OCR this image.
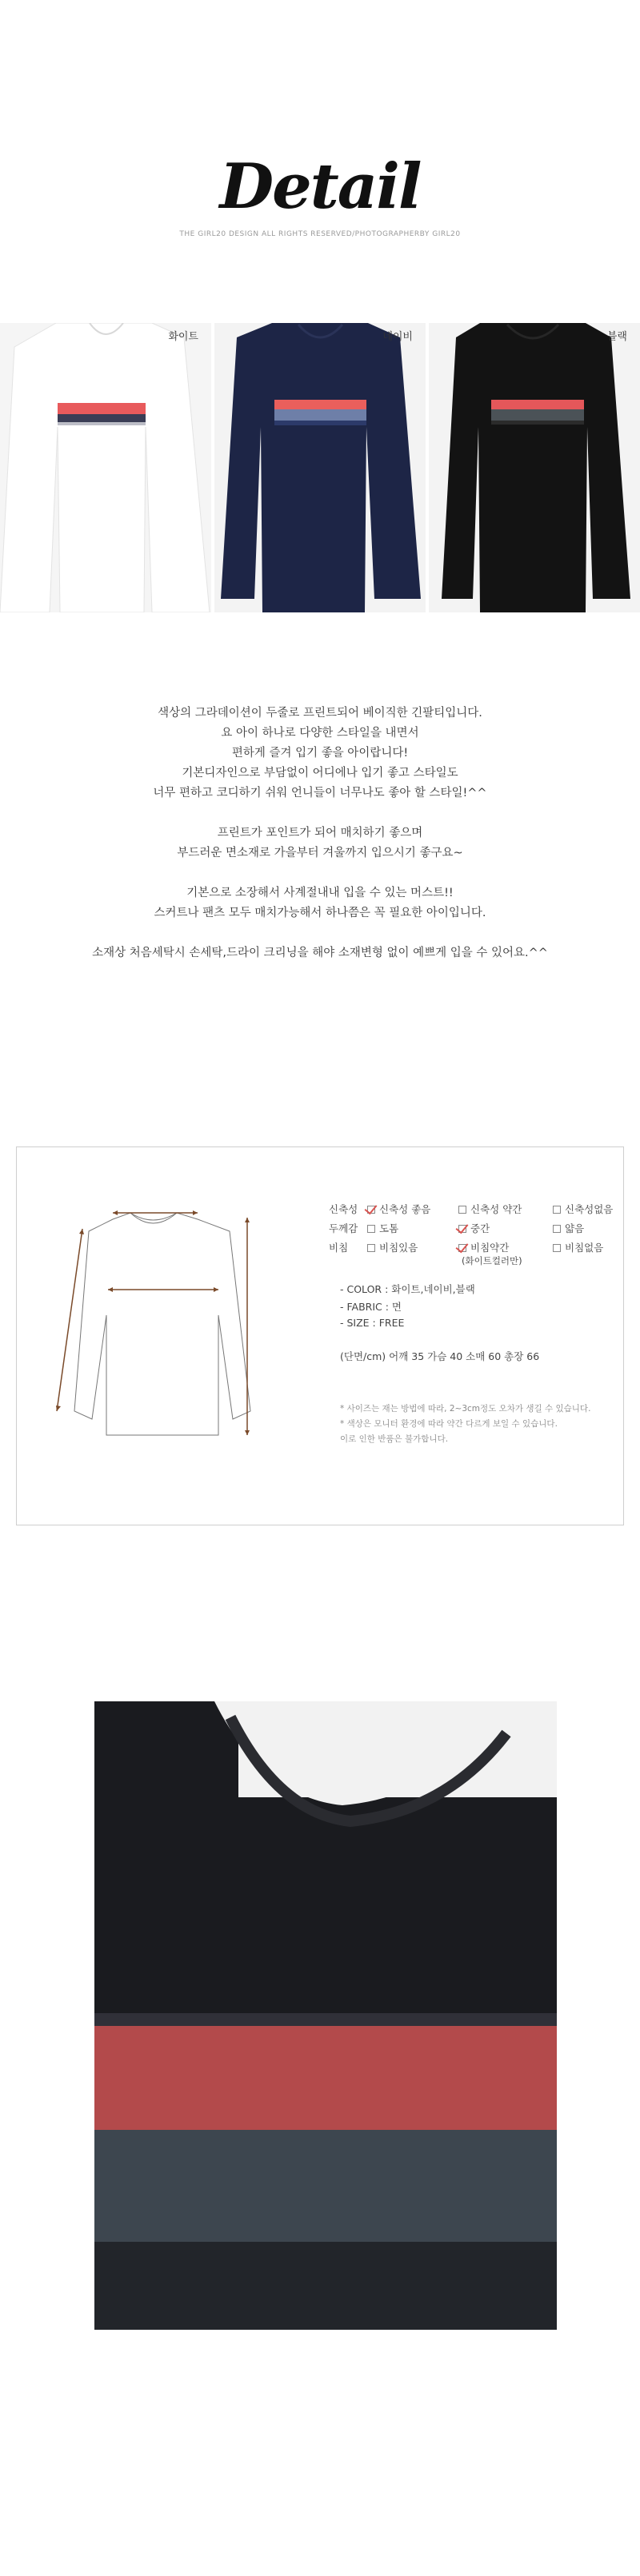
Detail
THE GIRL20 DESIGN ALL RIGHTS RESERVED/PHOTOGRAPHERBY GIRL20
화이트	네이비	블랙
색상의 그라데이션이 두줄로 프린트되어 베이직한 긴팔티입니다.
요 아이 하나로 다양한 스타일을 내면서
편하게 즐겨 입기 좋을 아이랍니다!
기본디자인으로 부담없이 어디에나 입기 좋고 스타일도
너무 편하고 코디하기 쉬워 언니들이 너무나도 좋아 할 스타일!^^
프린트가 포인트가 되어 매치하기 좋으며
부드러운 면소재로 가을부터 겨울까지 입으시기 좋구요~
기본으로 소장해서 사계절내내 입을 수 있는 머스트!!
스커트나 팬츠 모두 매치가능해서 하나쯤은 꼭 필요한 아이입니다.
소재상 처음세탁시 손세탁,드라이 크리닝을 해야 소재변형 없이 예쁘게 입을 수 있어요.^^
신축성	신축성 좋음	신축성 약간	신축성없음
두께감	도톰	중간	얇음
비침	비침있음	비침약간	비침없음
(화이트컬러만)
- COLOR : 화이트,네이비,블랙
- FABRIC : 면
- SIZE : FREE
(단면/cm) 어깨 35 가슴 40 소매 60 총장 66
* 사이즈는 재는 방법에 따라, 2~3cm정도 오차가 생길 수 있습니다.
* 색상은 모니터 환경에 따라 약간 다르게 보일 수 있습니다.
이로 인한 반품은 불가합니다.
